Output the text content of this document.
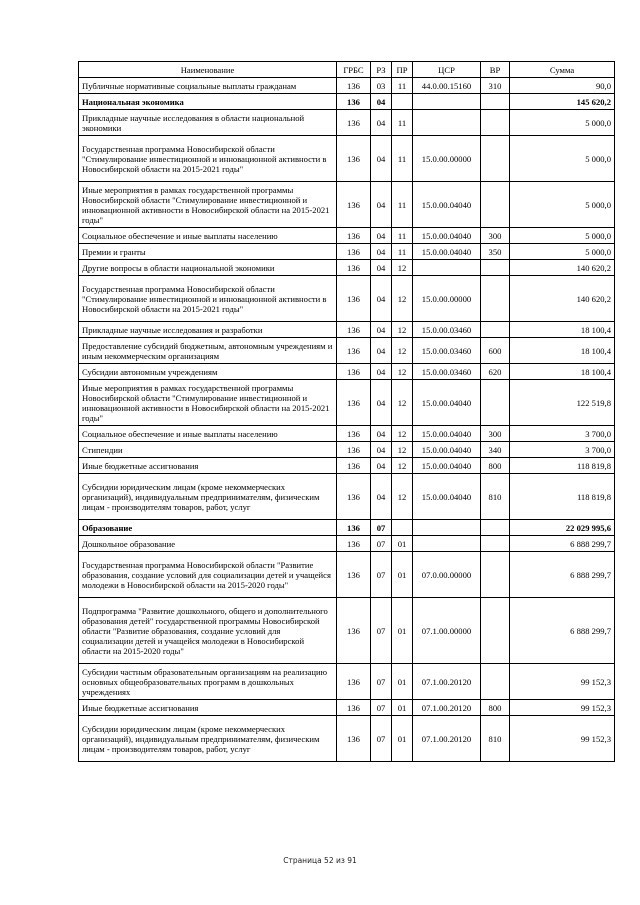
Наименование	ГРБС	РЗ	ПР	ЦСР	ВР	Сумма
Публичные нормативные социальные выплаты гражданам	136	03	11	44.0.00.15160	310	90,0
Национальная экономика	136	04				145 620,2
Прикладные научные исследования в области национальной экономики	136	04	11			5 000,0
Государственная программа Новосибирской области "Стимулирование инвестиционной и инновационной активности в Новосибирской области на 2015-2021 годы"	136	04	11	15.0.00.00000		5 000,0
Иные мероприятия в рамках государственной программы Новосибирской области "Стимулирование инвестиционной и инновационной активности в Новосибирской области на 2015-2021 годы"	136	04	11	15.0.00.04040		5 000,0
Социальное обеспечение и иные выплаты населению	136	04	11	15.0.00.04040	300	5 000,0
Премии и гранты	136	04	11	15.0.00.04040	350	5 000,0
Другие вопросы в области национальной экономики	136	04	12			140 620,2
Государственная программа Новосибирской области "Стимулирование инвестиционной и инновационной активности в Новосибирской области на 2015-2021 годы"	136	04	12	15.0.00.00000		140 620,2
Прикладные научные исследования и разработки	136	04	12	15.0.00.03460		18 100,4
Предоставление субсидий бюджетным, автономным учреждениям и иным некоммерческим организациям	136	04	12	15.0.00.03460	600	18 100,4
Субсидии автономным учреждениям	136	04	12	15.0.00.03460	620	18 100,4
Иные мероприятия в рамках государственной программы Новосибирской области "Стимулирование инвестиционной и инновационной активности в Новосибирской области на 2015-2021 годы"	136	04	12	15.0.00.04040		122 519,8
Социальное обеспечение и иные выплаты населению	136	04	12	15.0.00.04040	300	3 700,0
Стипендии	136	04	12	15.0.00.04040	340	3 700,0
Иные бюджетные ассигнования	136	04	12	15.0.00.04040	800	118 819,8
Субсидии юридическим лицам (кроме некоммерческих организаций), индивидуальным предпринимателям, физическим лицам - производителям товаров, работ, услуг	136	04	12	15.0.00.04040	810	118 819,8
Образование	136	07				22 029 995,6
Дошкольное образование	136	07	01			6 888 299,7
Государственная программа Новосибирской области "Развитие образования, создание условий для социализации детей и учащейся молодежи в Новосибирской области на 2015-2020 годы"	136	07	01	07.0.00.00000		6 888 299,7
Подпрограмма "Развитие дошкольного, общего и дополнительного образования детей" государственной программы Новосибирской области "Развитие образования, создание условий для социализации детей и учащейся молодежи в Новосибирской области на 2015-2020 годы"	136	07	01	07.1.00.00000		6 888 299,7
Субсидии частным образовательным организациям на реализацию основных общеобразовательных программ в дошкольных учреждениях	136	07	01	07.1.00.20120		99 152,3
Иные бюджетные ассигнования	136	07	01	07.1.00.20120	800	99 152,3
Субсидии юридическим лицам (кроме некоммерческих организаций), индивидуальным предпринимателям, физическим лицам - производителям товаров, работ, услуг	136	07	01	07.1.00.20120	810	99 152,3
Страница 52 из 91
